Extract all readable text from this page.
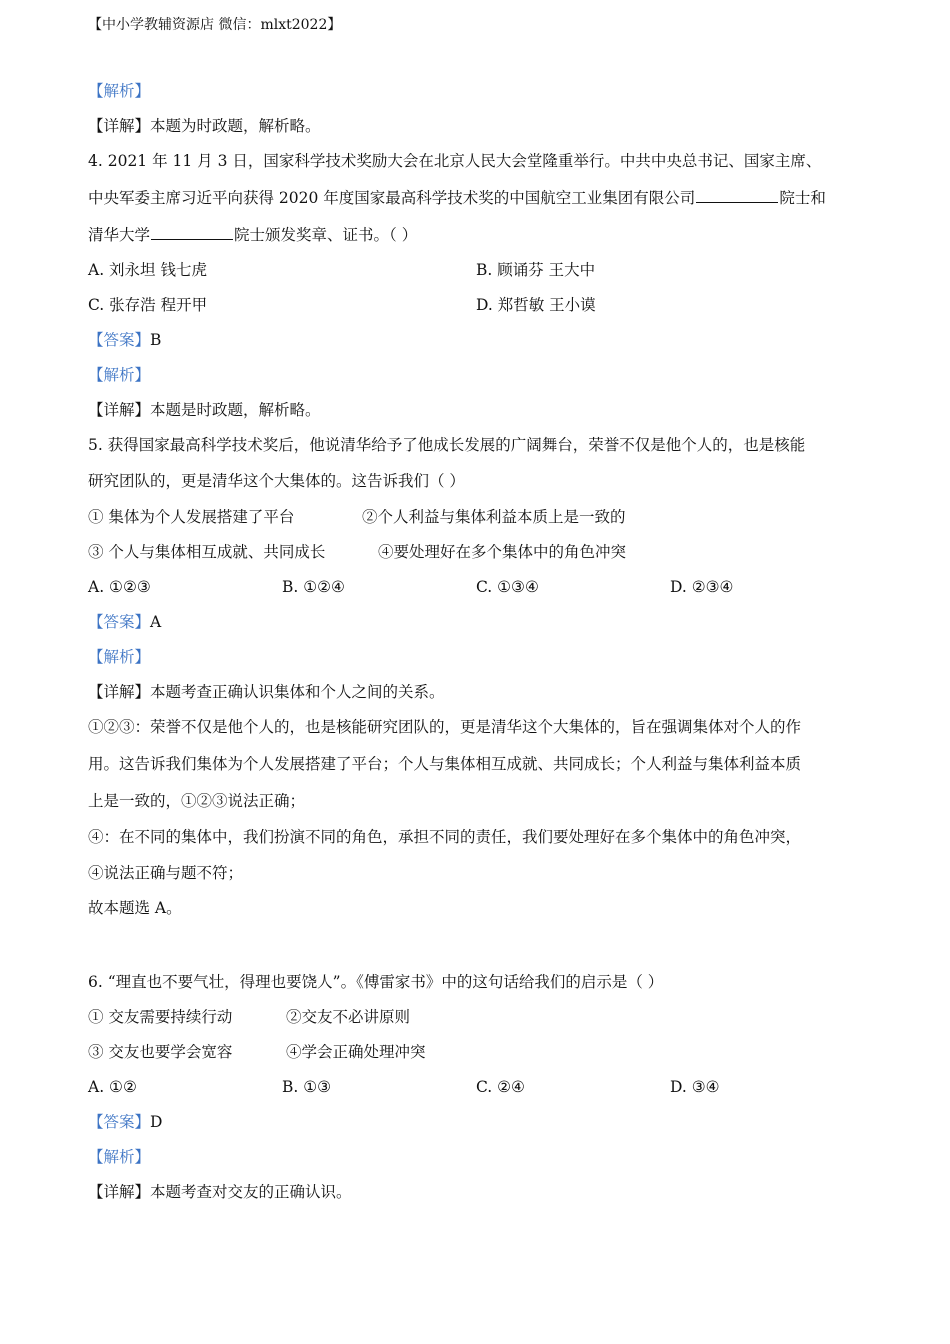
【中小学教辅资源店 微信：mlxt2022】
【解析】
【详解】本题为时政题，解析略。
4. 2021 年 11 月 3 日，国家科学技术奖励大会在北京人民大会堂隆重举行。中共中央总书记、国家主席、
中央军委主席习近平向获得 2020 年度国家最高科学技术奖的中国航空工业集团有限公司	院士和
清华大学	院士颁发奖章、证书。（ ）
A. 刘永坦 钱七虎	B. 顾诵芬 王大中
C. 张存浩 程开甲	D. 郑哲敏 王小谟
【答案】B
【解析】
【详解】本题是时政题，解析略。
5. 获得国家最高科学技术奖后，他说清华给予了他成长发展的广阔舞台，荣誉不仅是他个人的，也是核能
研究团队的，更是清华这个大集体的。这告诉我们（ ）
① 集体为个人发展搭建了平台	②个人利益与集体利益本质上是一致的
③ 个人与集体相互成就、共同成长	④要处理好在多个集体中的角色冲突
A. ①②③	B. ①②④	C. ①③④	D. ②③④
【答案】A
【解析】
【详解】本题考查正确认识集体和个人之间的关系。
①②③：荣誉不仅是他个人的，也是核能研究团队的，更是清华这个大集体的，旨在强调集体对个人的作
用。这告诉我们集体为个人发展搭建了平台；个人与集体相互成就、共同成长；个人利益与集体利益本质
上是一致的，①②③说法正确；
④：在不同的集体中，我们扮演不同的角色，承担不同的责任，我们要处理好在多个集体中的角色冲突，
④说法正确与题不符；
故本题选 A。
6. “理直也不要气壮，得理也要饶人”。《傅雷家书》中的这句话给我们的启示是（ ）
① 交友需要持续行动	②交友不必讲原则
③ 交友也要学会宽容	④学会正确处理冲突
A. ①②	B. ①③	C. ②④	D. ③④
【答案】D
【解析】
【详解】本题考查对交友的正确认识。
